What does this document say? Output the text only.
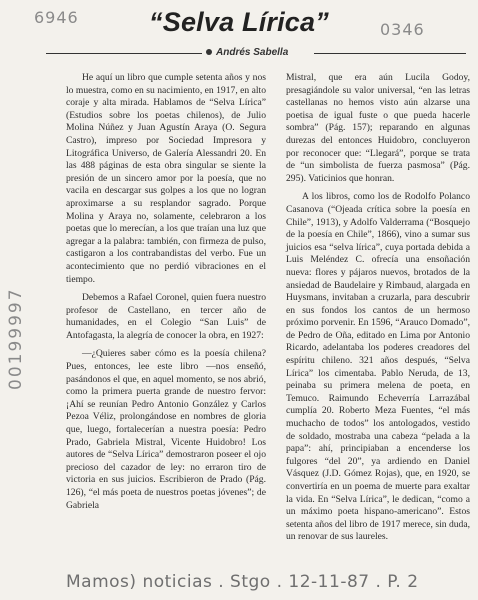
“Selva Lírica”
Andrés Sabella
6946
0346
00199997

He aquí un libro que cumple setenta años y nos lo muestra, como en su nacimiento, en 1917, en alto coraje y alta mirada. Hablamos de “Selva Lírica” (Estudios sobre los poetas chilenos), de Julio Molina Núñez y Juan Agustín Araya (O. Segura Castro), impreso por Sociedad Impresora y Litográfica Universo, de Galería Alessandri 20. En las 488 páginas de esta obra singular se siente la presión de un sincero amor por la poesía, que no vacila en descargar sus golpes a los que no logran aproximarse a su resplandor sagrado. Porque Molina y Araya no, solamente, celebraron a los poetas que lo merecían, a los que traían una luz que agregar a la palabra: también, con firmeza de pulso, castigaron a los contrabandistas del verbo. Fue un acontecimiento que no perdió vibraciones en el tiempo.

Debemos a Rafael Coronel, quien fuera nuestro profesor de Castellano, en tercer año de humanidades, en el Colegio “San Luis” de Antofagasta, la alegría de conocer la obra, en 1927:

—¿Quieres saber cómo es la poesía chilena? Pues, entonces, lee este libro —nos enseñó, pasándonos el que, en aquel momento, se nos abrió, como la primera puerta grande de nuestro fervor: ¡Ahí se reunían Pedro Antonio González y Carlos Pezoa Véliz, prolongándose en nombres de gloria que, luego, fortalecerían a nuestra poesía: Pedro Prado, Gabriela Mistral, Vicente Huidobro! Los autores de “Selva Lírica” demostraron poseer el ojo precioso del cazador de ley: no erraron tiro de victoria en sus juicios. Escribieron de Prado (Pág. 126), “el más poeta de nuestros poetas jóvenes”; de Gabriela

Mistral, que era aún Lucila Godoy, presagiándole su valor universal, “en las letras castellanas no hemos visto aún alzarse una poetisa de igual fuste o que pueda hacerle sombra” (Pág. 157); reparando en algunas durezas del entonces Huidobro, concluyeron por reconocer que: “Llegará”, porque se trata de “un simbolista de fuerza pasmosa” (Pág. 295). Vaticinios que honran.

A los libros, como los de Rodolfo Polanco Casanova (“Ojeada crítica sobre la poesía en Chile”, 1913), y Adolfo Valderrama (“Bosquejo de la poesía en Chile”, 1866), vino a sumar sus juicios esa “selva lírica”, cuya portada debida a Luis Meléndez C. ofrecía una ensoñación nueva: flores y pájaros nuevos, brotados de la ansiedad de Baudelaire y Rimbaud, alargada en Huysmans, invitaban a cruzarla, para descubrir en sus fondos los cantos de un hermoso próximo porvenir. En 1596, “Arauco Domado”, de Pedro de Oña, editado en Lima por Antonio Ricardo, adelantaba los poderes creadores del espíritu chileno. 321 años después, “Selva Lírica” los cimentaba. Pablo Neruda, de 13, peinaba su primera melena de poeta, en Temuco. Raimundo Echeverría Larrazábal cumplía 20. Roberto Meza Fuentes, “el más muchacho de todos” los antologados, vestido de soldado, mostraba una cabeza “pelada a la papa”: ahí, principiaban a encenderse los fulgores “del 20”, ya ardiendo en Daniel Vásquez (J.D. Gómez Rojas), que, en 1920, se convertiría en un poema de muerte para exaltar la vida. En “Selva Lírica”, le dedican, “como a un máximo poeta hispano-americano”. Estos setenta años del libro de 1917 merece, sin duda, un renovar de sus laureles.

Mamos) noticias . Stgo . 12-11-87 . P. 2
